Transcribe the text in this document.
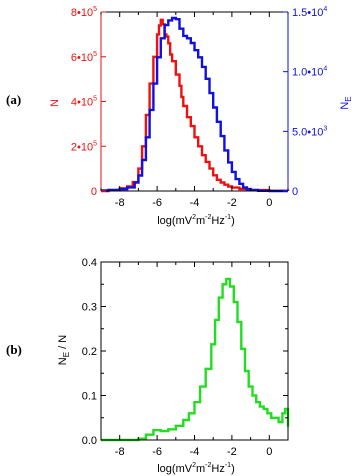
(a)
-8	-6	-4	-2	0
0
$2•10^5$
$4•10^5$
$6•10^5$
$8•10^5$
0
$5.0•10^3$
$1.0•10^4$
$1.5•10^4$
N	$N_E$
$\log(mV^2m^{-2}Hz^{-1})$
(b)
-8	-6	-4	-2	0
0.0
0.1
0.2
0.3
0.4
$N_E$ / N
$\log(mV^2m^{-2}Hz^{-1})$
